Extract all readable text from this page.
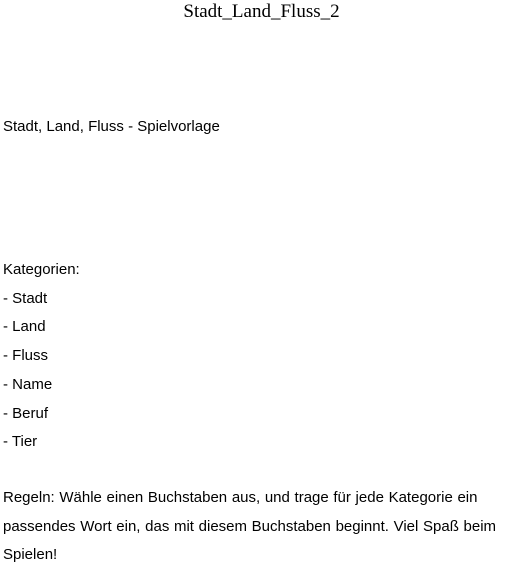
Stadt_Land_Fluss_2

Stadt, Land, Fluss - Spielvorlage

Kategorien:
- Stadt
- Land
- Fluss
- Name
- Beruf
- Tier

Regeln: Wähle einen Buchstaben aus, und trage für jede Kategorie ein passendes Wort ein, das mit diesem Buchstaben beginnt. Viel Spaß beim Spielen!
